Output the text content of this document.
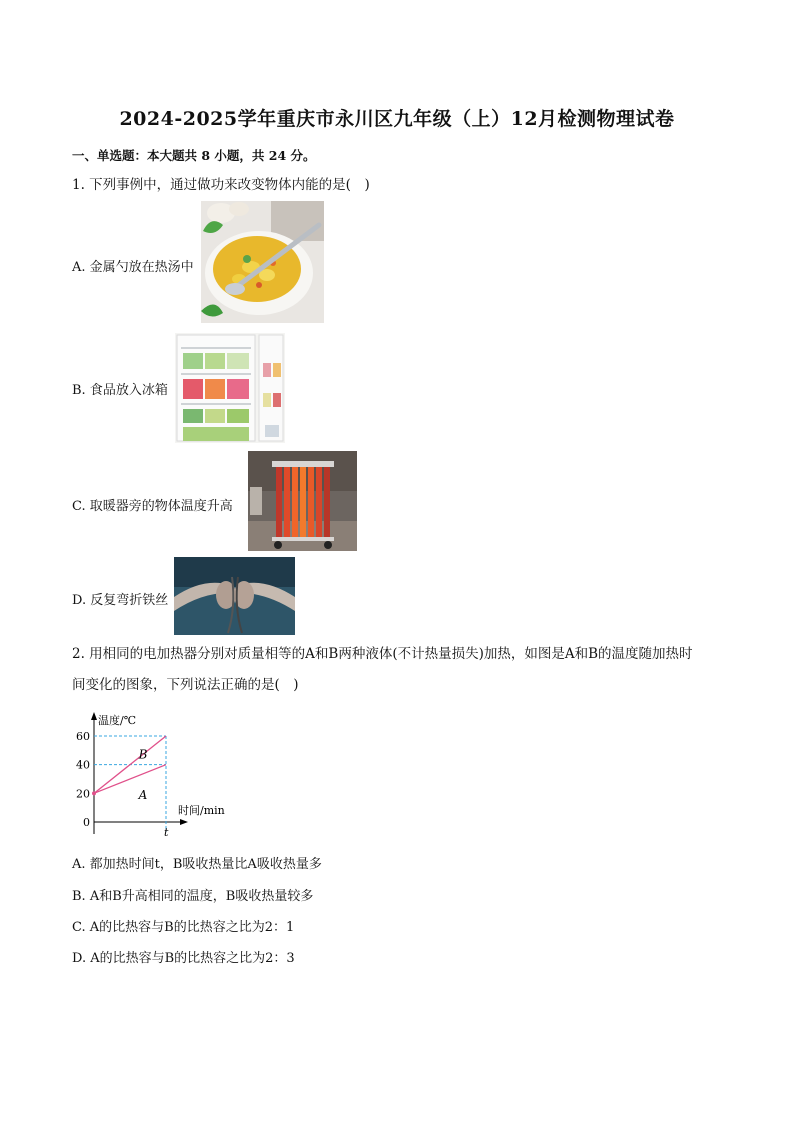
2024-2025学年重庆市永川区九年级（上）12月检测物理试卷
一、单选题：本大题共 8 小题，共 24 分。
1. 下列事例中，通过做功来改变物体内能的是(　)
A. 金属勺放在热汤中
B. 食品放入冰箱
C. 取暖器旁的物体温度升高
D. 反复弯折铁丝
2. 用相同的电加热器分别对质量相等的A和B两种液体(不计热量损失)加热，如图是A和B的温度随加热时
间变化的图象，下列说法正确的是(　)
温度/℃
时间/min
0
20
40
60
t
A
B
A. 都加热时间t，B吸收热量比A吸收热量多
B. A和B升高相同的温度，B吸收热量较多
C. A的比热容与B的比热容之比为2：1
D. A的比热容与B的比热容之比为2：3
